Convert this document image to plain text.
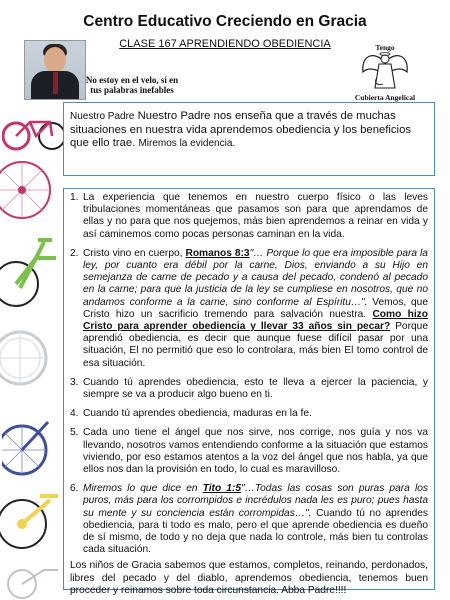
Centro Educativo Creciendo en Gracia
CLASE 167 APRENDIENDO OBEDIENCIA
No estoy en el velo, sí en tus palabras inefables
Tengo
Cubierta Angelical
Nuestro Padre Nuestro Padre nos enseña que a través de muchas situaciones en nuestra vida aprendemos obediencia y los beneficios que ello trae. Miremos la evidencia.
1. La experiencia que tenemos en nuestro cuerpo físico o las leves tribulaciones momentáneas que pasamos son para que aprendamos de ellas y no para que nos quejemos, más bien aprendemos a reinar en vida y así caminemos como pocas personas caminan en la vida.
2. Cristo vino en cuerpo, Romanos 8:3"… Porque lo que era imposible para la ley, por cuanto era débil por la carne, Dios, enviando a su Hijo en semejanza de carne de pecado y a causa del pecado, condenó al pecado en la carne; para que la justicia de la ley se cumpliese en nosotros, que no andamos conforme a la carne, sino conforme al Espíritu…". Vemos, que Cristo hizo un sacrificio tremendo para salvación nuestra. Como hizo Cristo para aprender obediencia y llevar 33 años sin pecar? Porque aprendió obediencia, es decir que aunque fuese difícil pasar por una situación, El no permitió que eso lo controlara, más bien El tomo control de esa situación.
3. Cuando tú aprendes obediencia, esto te lleva a ejercer la paciencia, y siempre se va a producir algo bueno en ti.
4. Cuando tú aprendes obediencia, maduras en la fe.
5. Cada uno tiene el ángel que nos sirve, nos corrige, nos guía y nos va llevando, nosotros vamos entendiendo conforme a la situación que estamos viviendo, por eso estamos atentos a la voz del ángel que nos habla, ya que ellos nos dan la provisión en todo, lo cual es maravilloso.
6. Miremos lo que dice en Tito 1:5"…Todas las cosas son puras para los puros, más para los corrompidos e incrédulos nada les es puro; pues hasta su mente y su conciencia están corrompidas…". Cuando tú no aprendes obediencia, para ti todo es malo, pero el que aprende obediencia es dueño de sí mismo, de todo y no deja que nada lo controle, más bien tu controlas cada situación.
Los niños de Gracia sabemos que estamos, completos, reinando, perdonados, libres del pecado y del diablo, aprendemos obediencia, tenemos buen proceder y reinamos sobre toda circunstancia. Abba Padre!!!!
